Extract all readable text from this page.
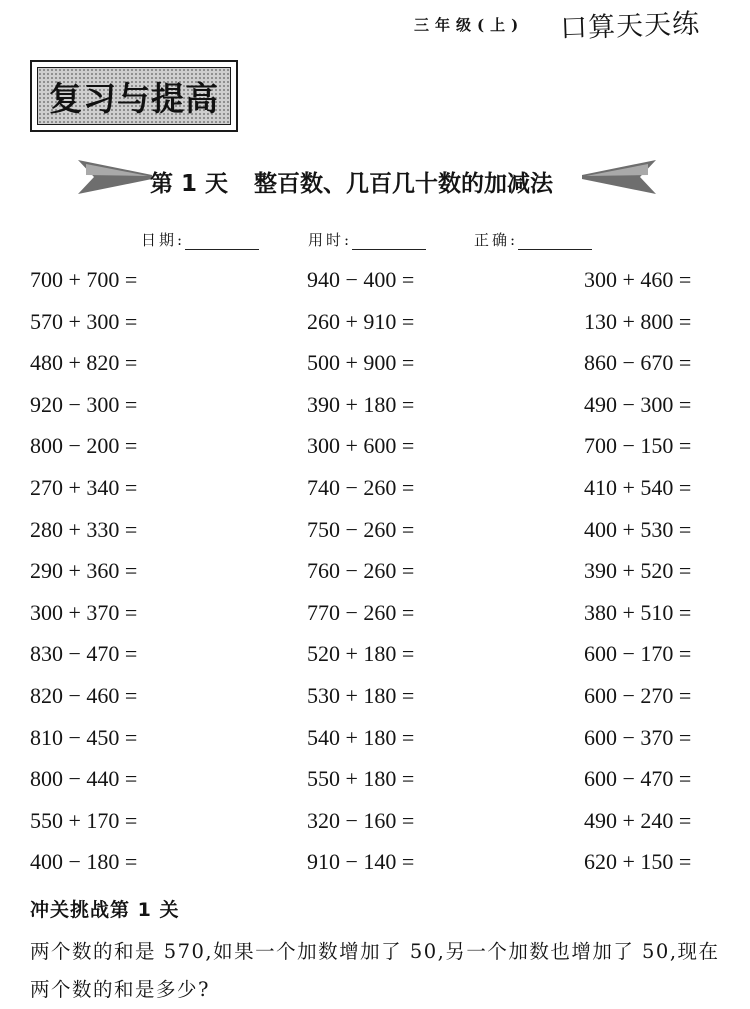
三年级(上) 口算天天练
复习与提高
第 1 天 整百数、几百几十数的加减法
日期:	用时:	正确:
700 + 700 =	940 − 400 =	300 + 460 =
570 + 300 =	260 + 910 =	130 + 800 =
480 + 820 =	500 + 900 =	860 − 670 =
920 − 300 =	390 + 180 =	490 − 300 =
800 − 200 =	300 + 600 =	700 − 150 =
270 + 340 =	740 − 260 =	410 + 540 =
280 + 330 =	750 − 260 =	400 + 530 =
290 + 360 =	760 − 260 =	390 + 520 =
300 + 370 =	770 − 260 =	380 + 510 =
830 − 470 =	520 + 180 =	600 − 170 =
820 − 460 =	530 + 180 =	600 − 270 =
810 − 450 =	540 + 180 =	600 − 370 =
800 − 440 =	550 + 180 =	600 − 470 =
550 + 170 =	320 − 160 =	490 + 240 =
400 − 180 =	910 − 140 =	620 + 150 =
冲关挑战第 1 关
两个数的和是 570,如果一个加数增加了 50,另一个加数也增加了 50,现在两个数的和是多少?
